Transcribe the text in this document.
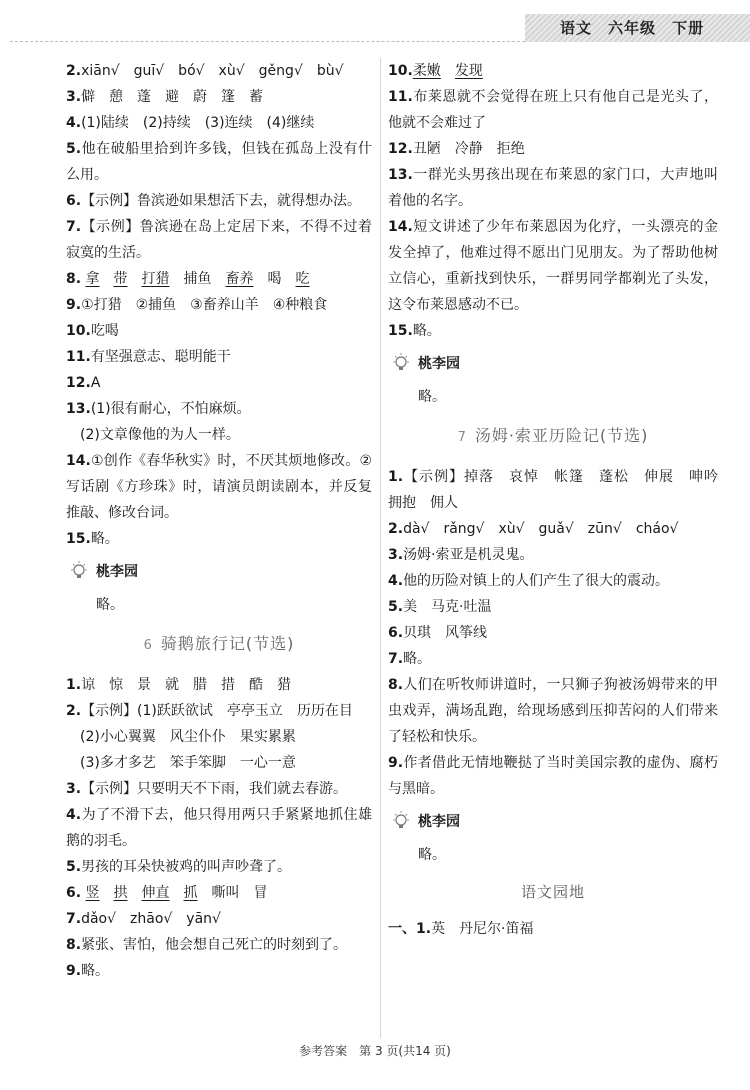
语文　 六年级　 下册

2.xiān√　guī√　bó√　xù√　gěng√　bù√

3.僻　憩　蓬　避　蔚　篷　蓄

4.(1)陆续　(2)持续　(3)连续　(4)继续

5.他在破船里拾到许多钱，但钱在孤岛上没有什么用。

6.【示例】鲁滨逊如果想活下去，就得想办法。

7.【示例】鲁滨逊在岛上定居下来，不得不过着寂寞的生活。

8. 拿　 带　 打猎　 捕鱼　 畜养　 喝　 吃

9.①打猎　②捕鱼　③畜养山羊　④种粮食

10.吃喝

11.有坚强意志、聪明能干

12.A

13.(1)很有耐心，不怕麻烦。

(2)文章像他的为人一样。

14.①创作《春华秋实》时，不厌其烦地修改。②写话剧《方珍珠》时，请演员朗读剧本，并反复推敲、修改台词。

15.略。

桃李园

略。

6 骑鹅旅行记(节选)

1.谅　惊　景　就　腊　措　酷　猎

2.【示例】(1)跃跃欲试　亭亭玉立　历历在目

(2)小心翼翼　风尘仆仆　果实累累

(3)多才多艺　笨手笨脚　一心一意

3.【示例】只要明天不下雨，我们就去春游。

4.为了不滑下去，他只得用两只手紧紧地抓住雄鹅的羽毛。

5.男孩的耳朵快被鸡的叫声吵聋了。

6. 竖　 拱　 伸直　 抓　 嘶叫　 冒

7.dǎo√　zhāo√　yān√

8.紧张、害怕，他会想自己死亡的时刻到了。

9.略。

10.柔嫩　 发现

11.布莱恩就不会觉得在班上只有他自己是光头了，他就不会难过了

12.丑陋　冷静　拒绝

13.一群光头男孩出现在布莱恩的家门口，大声地叫着他的名字。

14.短文讲述了少年布莱恩因为化疗，一头漂亮的金发全掉了，他难过得不愿出门见朋友。为了帮助他树立信心，重新找到快乐，一群男同学都剃光了头发，这令布莱恩感动不已。

15.略。

桃李园

略。

7 汤姆·索亚历险记(节选)

1.【示例】掉落　哀悼　帐篷　蓬松　伸展　呻吟　拥抱　佣人

2.dà√　rǎng√　xù√　guǎ√　zūn√　cháo√

3.汤姆·索亚是机灵鬼。

4.他的历险对镇上的人们产生了很大的震动。

5.美　马克·吐温

6.贝琪　风筝线

7.略。

8.人们在听牧师讲道时，一只狮子狗被汤姆带来的甲虫戏弄，满场乱跑，给现场感到压抑苦闷的人们带来了轻松和快乐。

9.作者借此无情地鞭挞了当时美国宗教的虚伪、腐朽与黑暗。

桃李园

略。

语文园地

一、1.英　丹尼尔·笛福

参考答案　第 3 页(共14 页)
